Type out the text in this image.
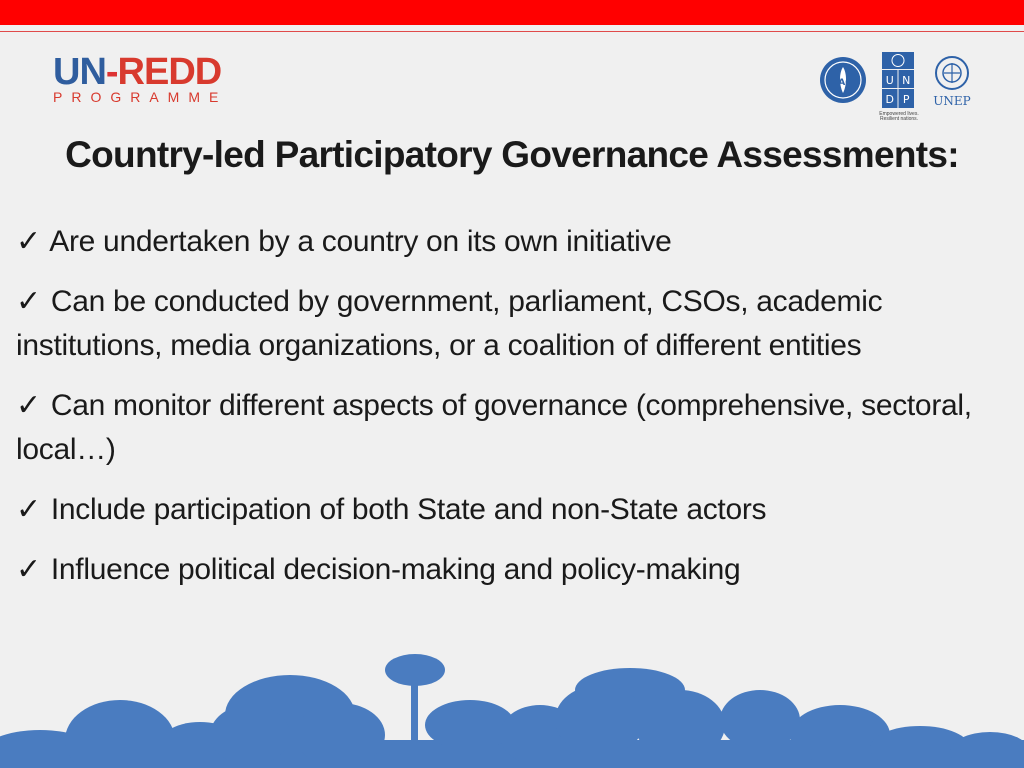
UN-REDD
PROGRAMME
FAO	U N
D P
Empowered lives. Resilient nations.
UNEP
Country-led Participatory Governance Assessments:
✓ Are undertaken by a country on its own initiative
✓ Can be conducted by government, parliament, CSOs, academic institutions, media organizations, or a coalition of different entities
✓ Can monitor different aspects of governance (comprehensive, sectoral, local…)
✓ Include participation of both State and non-State actors
✓ Influence political decision-making and policy-making
